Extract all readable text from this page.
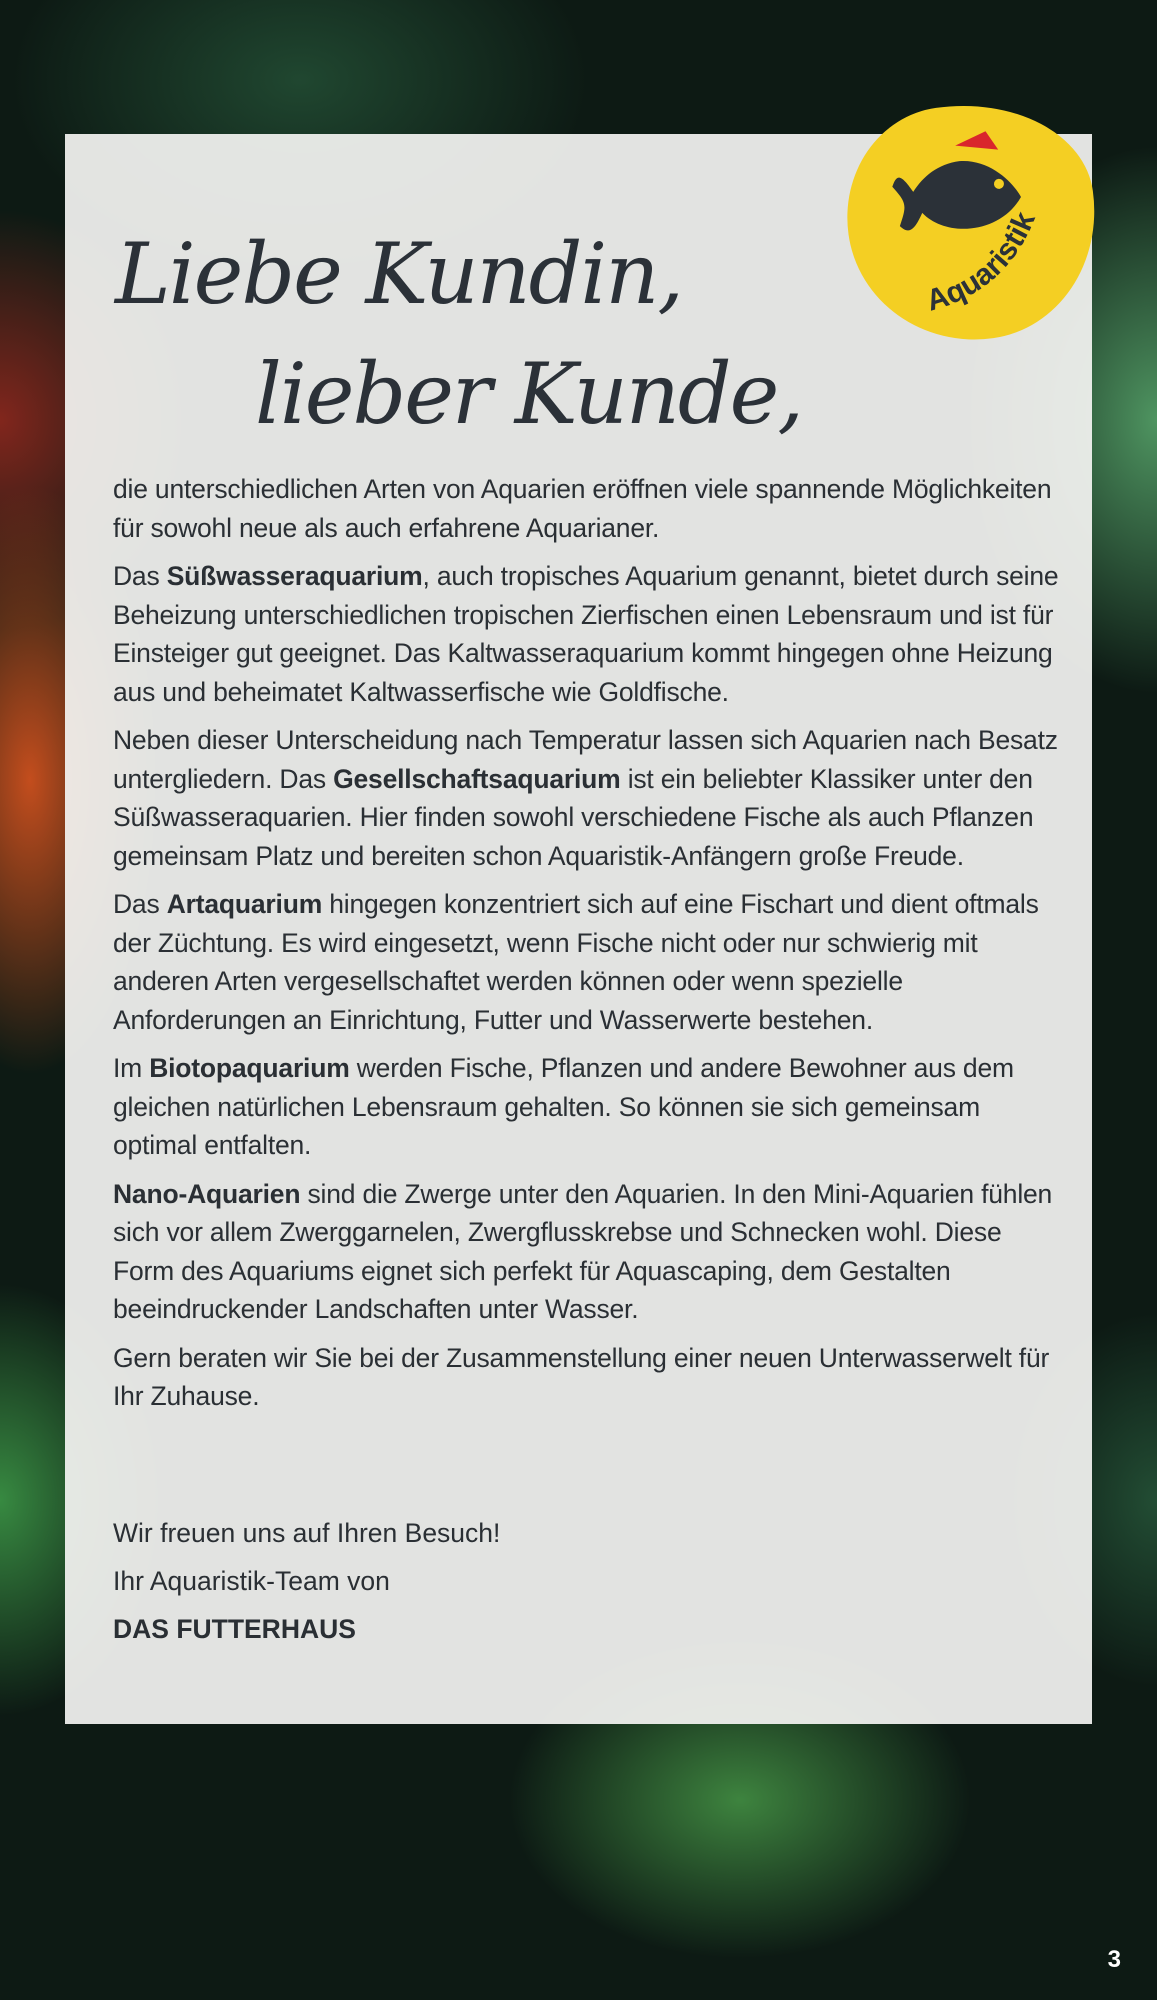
Liebe Kundin,
lieber Kunde,

die unterschiedlichen Arten von Aquarien eröffnen viele spannende Möglichkeiten für sowohl neue als auch erfahrene Aquarianer.

Das Süßwasseraquarium, auch tropisches Aquarium genannt, bietet durch seine Beheizung unterschiedlichen tropischen Zierfischen einen Lebensraum und ist für Einsteiger gut geeignet. Das Kaltwasseraquarium kommt hingegen ohne Heizung aus und beheimatet Kaltwasserfische wie Goldfische.

Neben dieser Unterscheidung nach Temperatur lassen sich Aquarien nach Besatz untergliedern. Das Gesellschaftsaquarium ist ein beliebter Klassiker unter den Süßwasseraquarien. Hier finden sowohl verschiedene Fische als auch Pflanzen gemeinsam Platz und bereiten schon Aquaristik-Anfängern große Freude.

Das Artaquarium hingegen konzentriert sich auf eine Fischart und dient oftmals der Züchtung. Es wird eingesetzt, wenn Fische nicht oder nur schwierig mit anderen Arten vergesellschaftet werden können oder wenn spezielle Anforderungen an Einrichtung, Futter und Wasserwerte bestehen.

Im Biotopaquarium werden Fische, Pflanzen und andere Bewohner aus dem gleichen natürlichen Lebensraum gehalten. So können sie sich gemeinsam optimal entfalten.

Nano-Aquarien sind die Zwerge unter den Aquarien. In den Mini-Aquarien fühlen sich vor allem Zwerggarnelen, Zwergflusskrebse und Schnecken wohl. Diese Form des Aquariums eignet sich perfekt für Aquascaping, dem Gestalten beeindruckender Landschaften unter Wasser.

Gern beraten wir Sie bei der Zusammenstellung einer neuen Unterwasserwelt für Ihr Zuhause.

Wir freuen uns auf Ihren Besuch!
Ihr Aquaristik-Team von
DAS FUTTERHAUS
Aquaristik
3
